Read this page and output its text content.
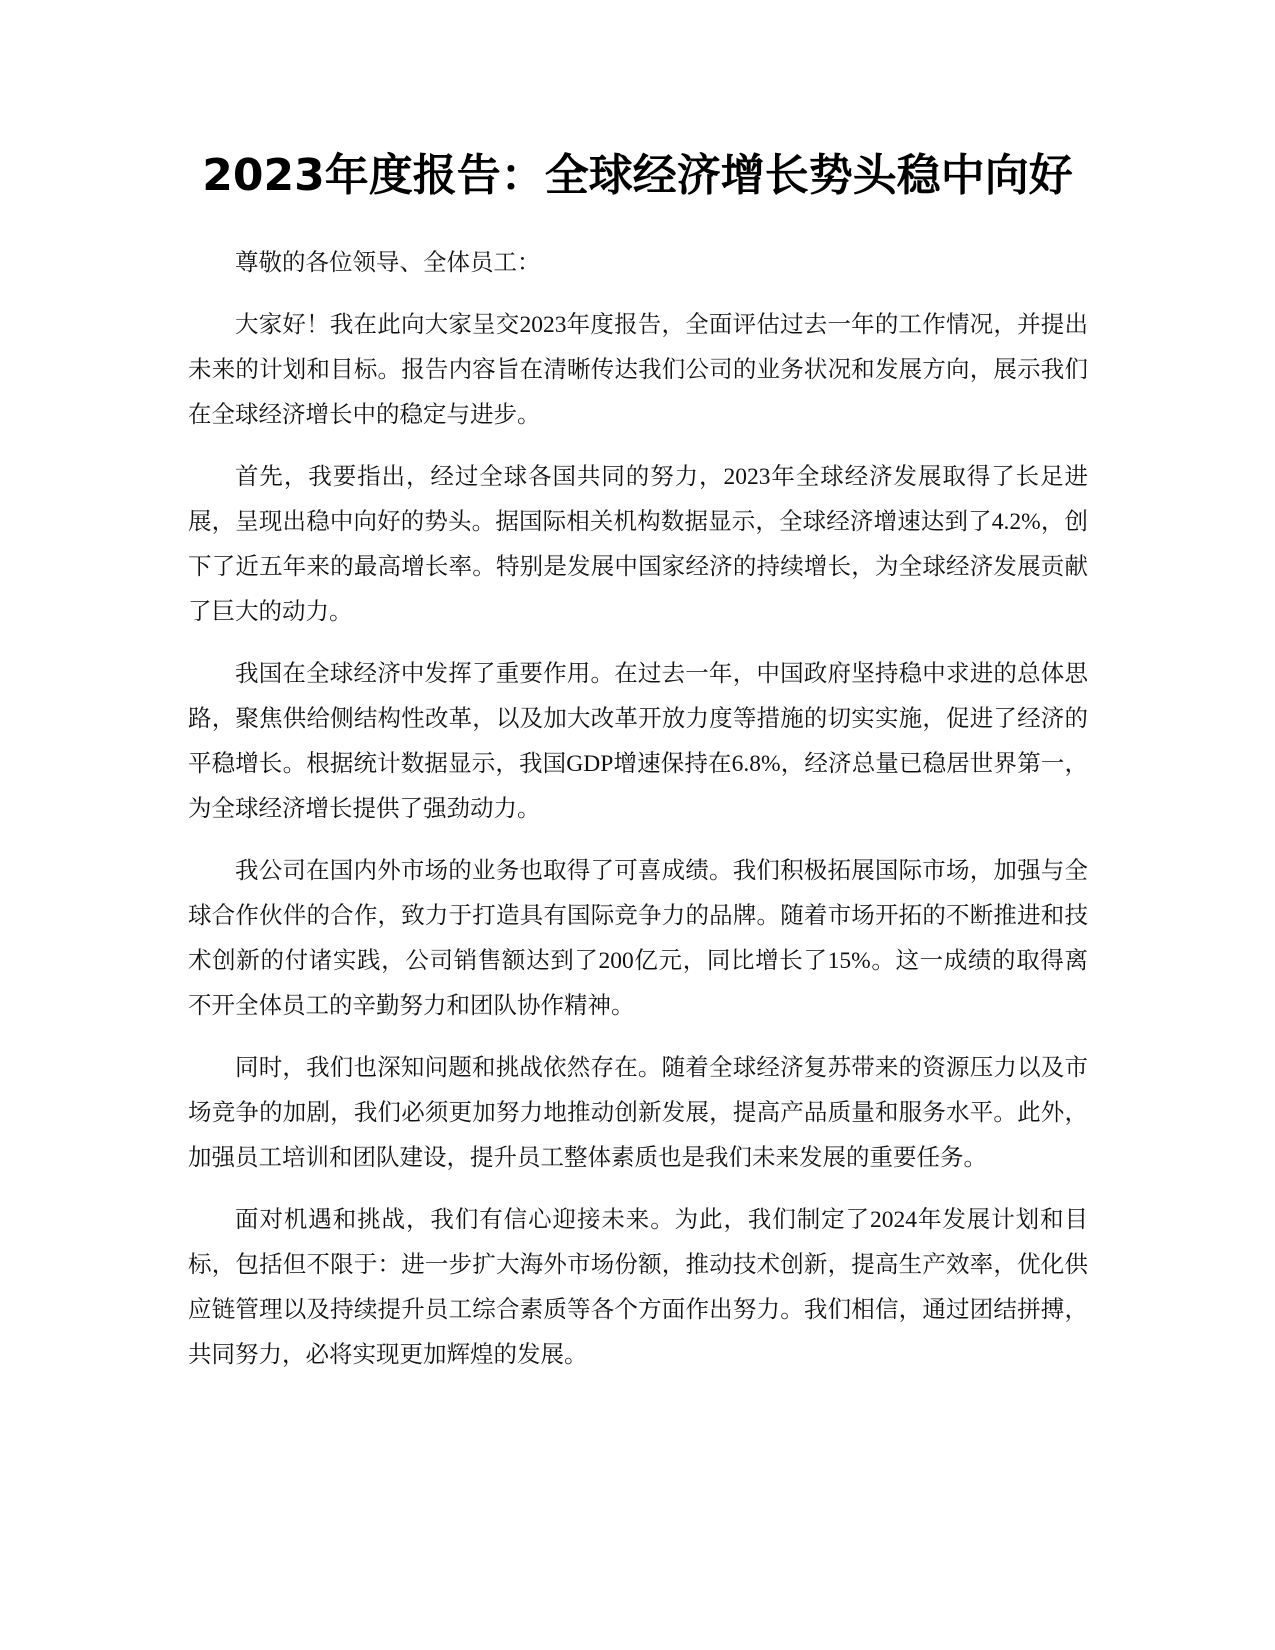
2023年度报告：全球经济增长势头稳中向好

尊敬的各位领导、全体员工：

大家好！我在此向大家呈交2023年度报告，全面评估过去一年的工作情况，并提出未来的计划和目标。报告内容旨在清晰传达我们公司的业务状况和发展方向，展示我们在全球经济增长中的稳定与进步。

首先，我要指出，经过全球各国共同的努力，2023年全球经济发展取得了长足进展，呈现出稳中向好的势头。据国际相关机构数据显示，全球经济增速达到了4.2%，创下了近五年来的最高增长率。特别是发展中国家经济的持续增长，为全球经济发展贡献了巨大的动力。

我国在全球经济中发挥了重要作用。在过去一年，中国政府坚持稳中求进的总体思路，聚焦供给侧结构性改革，以及加大改革开放力度等措施的切实实施，促进了经济的平稳增长。根据统计数据显示，我国GDP增速保持在6.8%，经济总量已稳居世界第一，为全球经济增长提供了强劲动力。

我公司在国内外市场的业务也取得了可喜成绩。我们积极拓展国际市场，加强与全球合作伙伴的合作，致力于打造具有国际竞争力的品牌。随着市场开拓的不断推进和技术创新的付诸实践，公司销售额达到了200亿元，同比增长了15%。这一成绩的取得离不开全体员工的辛勤努力和团队协作精神。

同时，我们也深知问题和挑战依然存在。随着全球经济复苏带来的资源压力以及市场竞争的加剧，我们必须更加努力地推动创新发展，提高产品质量和服务水平。此外，加强员工培训和团队建设，提升员工整体素质也是我们未来发展的重要任务。

面对机遇和挑战，我们有信心迎接未来。为此，我们制定了2024年发展计划和目标，包括但不限于：进一步扩大海外市场份额，推动技术创新，提高生产效率，优化供应链管理以及持续提升员工综合素质等各个方面作出努力。我们相信，通过团结拼搏，共同努力，必将实现更加辉煌的发展。
